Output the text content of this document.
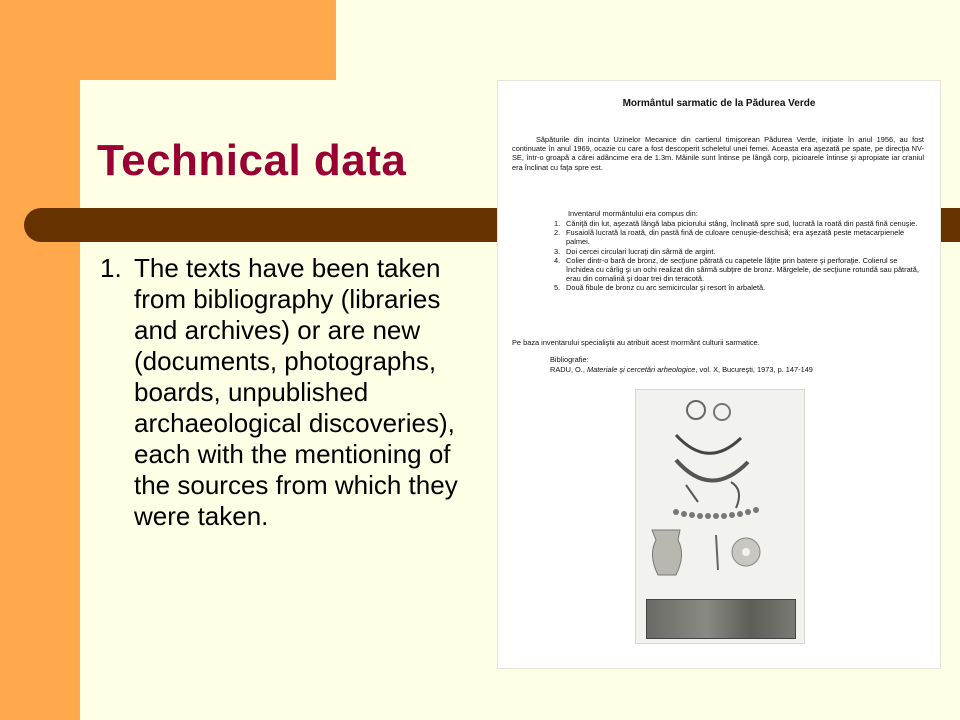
Technical data
1. The texts have been taken from bibliography (libraries and archives) or are new (documents, photographs, boards, unpublished archaeological discoveries), each with the mentioning of the sources from which they were taken.
Mormântul sarmatic de la Pădurea Verde
Săpăturile din incinta Uzinelor Mecanice din cartierul timişorean Pădurea Verde, iniţiate în anul 1956, au fost continuate în anul 1969, ocazie cu care a fost descoperit scheletul unei femei. Aceasta era aşezată pe spate, pe direcţia NV-SE, într-o groapă a cărei adâncime era de 1.3m. Mâinile sunt întinse pe lângă corp, picioarele întinse şi apropiate iar craniul era înclinat cu faţa spre est.
Inventarul mormântului era compus din:
1. Căniţă din lut, aşezată lângă laba piciorului stâng, înclinată spre sud, lucrată la roată din pastă fină cenuşie.
2. Fusaiolă lucrată la roată, din pastă fină de culoare cenuşie-deschisă; era aşezată peste metacarpienele palmei.
3. Doi cercei circulari lucraţi din sârmă de argint.
4. Colier dintr-o bară de bronz, de secţiune pătrată cu capetele lăţite prin batere şi perforaţie. Colierul se închidea cu cârlig şi un ochi realizat din sârmă subţire de bronz. Mărgelele, de secţiune rotundă sau pătrată, erau din cornalină şi doar trei din teracotă.
5. Două fibule de bronz cu arc semicircular şi resort în arbaletă.
Pe baza inventarului specialiştii au atribuit acest mormânt culturii sarmatice.
Bibliografie:
RADU, O., Materiale şi cercetări arheologice, vol. X, Bucureşti, 1973, p. 147-149
